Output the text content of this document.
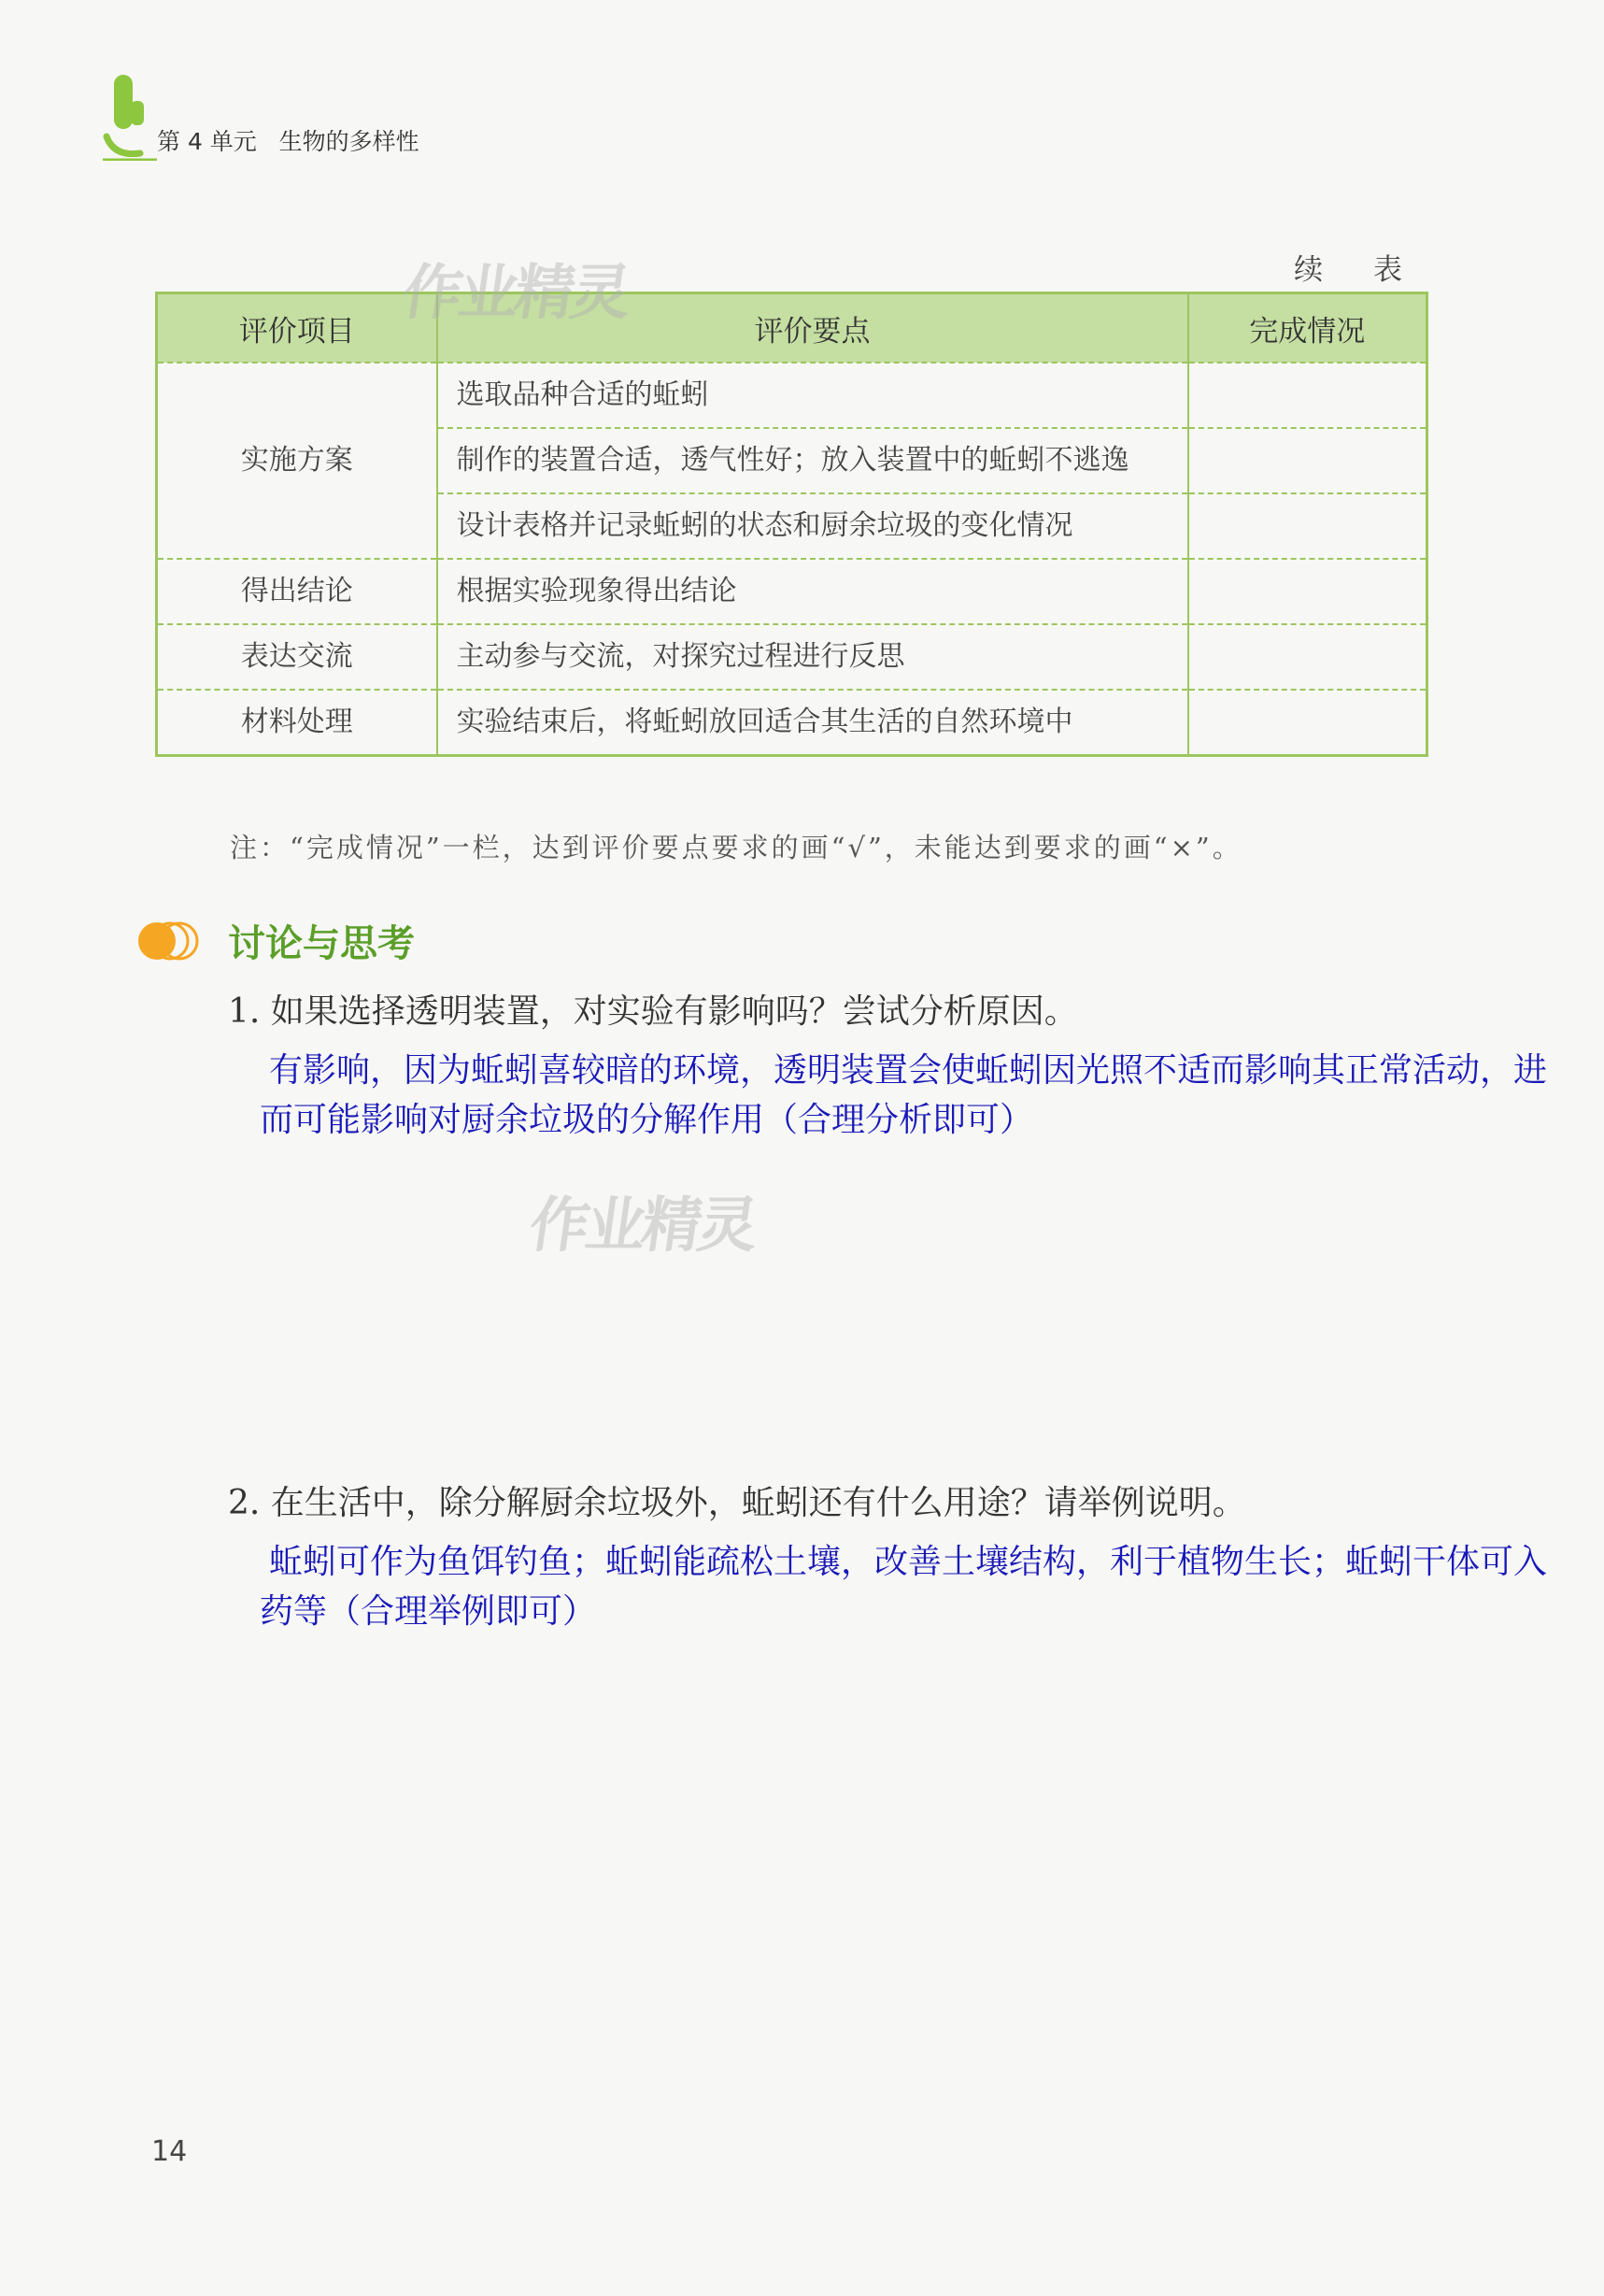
第 4 单元 生物的多样性
续 表
评价项目	评价要点	完成情况
实施方案	选取品种合适的蚯蚓	
	制作的装置合适，透气性好；放入装置中的蚯蚓不逃逸	
	设计表格并记录蚯蚓的状态和厨余垃圾的变化情况	
得出结论	根据实验现象得出结论	
表达交流	主动参与交流，对探究过程进行反思	
材料处理	实验结束后，将蚯蚓放回适合其生活的自然环境中	
注：“完成情况”一栏，达到评价要点要求的画“√”，未能达到要求的画“×”。
作业精灵
作业精灵
讨论与思考
1. 如果选择透明装置，对实验有影响吗？尝试分析原因。
有影响，因为蚯蚓喜较暗的环境，透明装置会使蚯蚓因光照不适而影响其正常活动，进而可能影响对厨余垃圾的分解作用（合理分析即可）
2. 在生活中，除分解厨余垃圾外，蚯蚓还有什么用途？请举例说明。
蚯蚓可作为鱼饵钓鱼；蚯蚓能疏松土壤，改善土壤结构，利于植物生长；蚯蚓干体可入药等（合理举例即可）
14
